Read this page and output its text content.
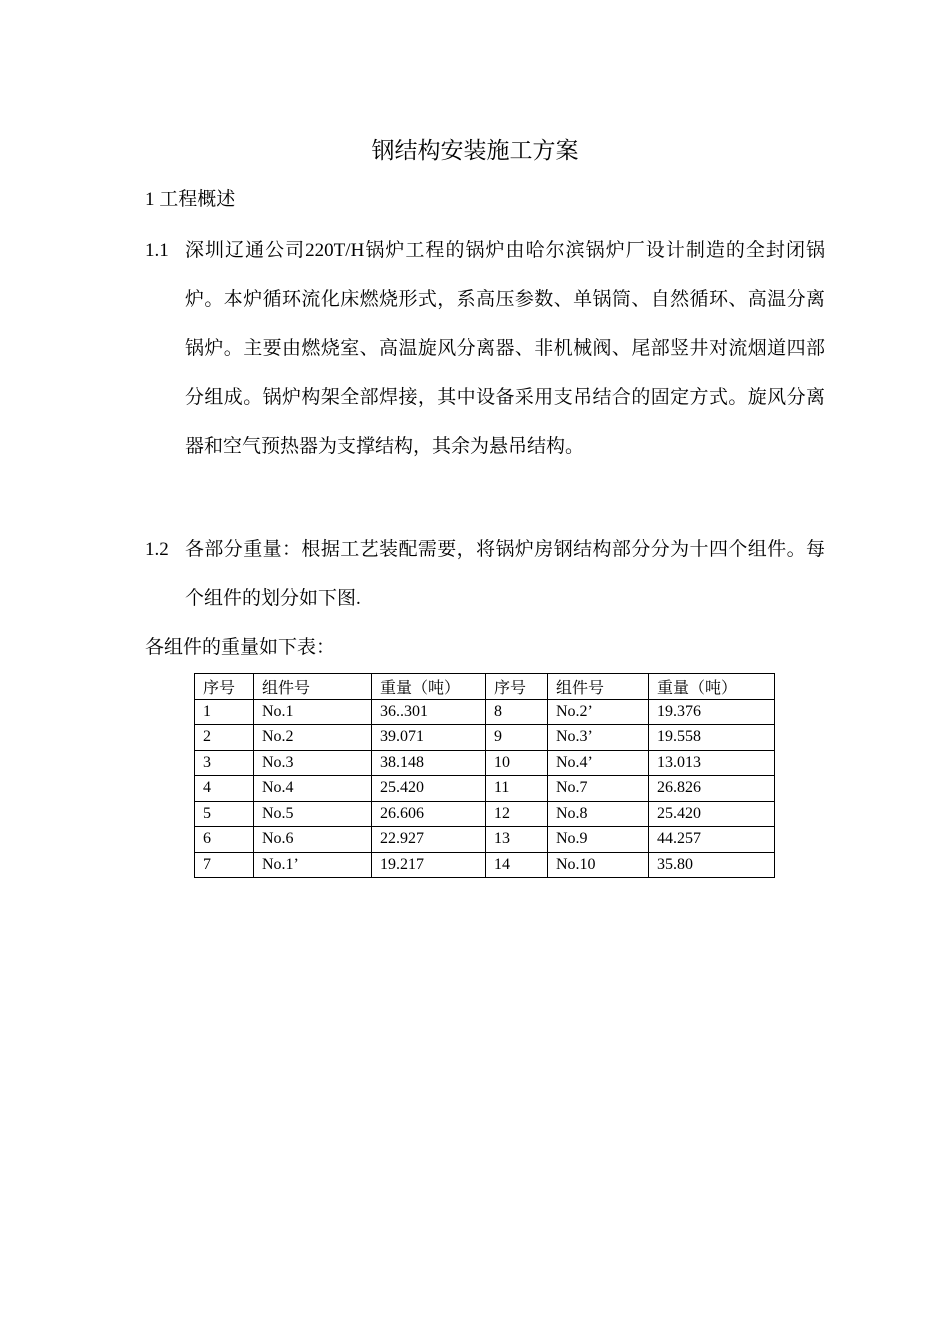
钢结构安装施工方案
1 工程概述
1.1 深圳辽通公司220T/H锅炉工程的锅炉由哈尔滨锅炉厂设计制造的全封闭锅炉。本炉循环流化床燃烧形式，系高压参数、单锅筒、自然循环、高温分离锅炉。主要由燃烧室、高温旋风分离器、非机械阀、尾部竖井对流烟道四部分组成。锅炉构架全部焊接，其中设备采用支吊结合的固定方式。旋风分离器和空气预热器为支撑结构，其余为悬吊结构。
1.2 各部分重量：根据工艺装配需要，将锅炉房钢结构部分分为十四个组件。每个组件的划分如下图.

各组件的重量如下表：

序号	组件号	重量（吨）	序号	组件号	重量（吨）
1	No.1	36..301	8	No.2’	19.376
2	No.2	39.071	9	No.3’	19.558
3	No.3	38.148	10	No.4’	13.013
4	No.4	25.420	11	No.7	26.826
5	No.5	26.606	12	No.8	25.420
6	No.6	22.927	13	No.9	44.257
7	No.1’	19.217	14	No.10	35.80
